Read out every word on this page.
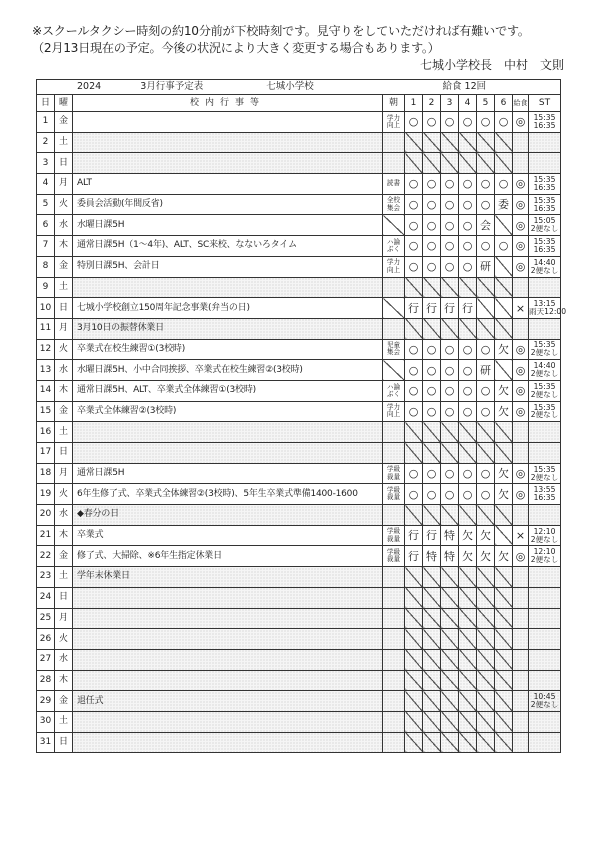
※スクールタクシー時刻の約10分前が下校時刻です。見守りをしていただければ有難いです。
（2月13日現在の予定。今後の状況により大きく変更する場合もあります。）
七城小学校長 中村　文則
2024 3月行事予定表 七城小学校			給食 12回								
日	曜	校内行事等	朝	1	2	3	4	5	6	給食	ST
1	金		学力
向上	○	○	○	○	○	○	◎	15:35
16:35
2	土										
3	日										
4	月	ALT	読書	○	○	○	○	○	○	◎	15:35
16:35
5	火	委員会活動(年間反省)	全校
集会	○	○	○	○	○	委	◎	15:35
16:35
6	水	水曜日課5H		○	○	○	○	会		◎	15:05
2便なし
7	木	通常日課5H（1～4年)、ALT、SC来校、なないろタイム	ハ論
ぶく	○	○	○	○	○	○	◎	15:35
16:35
8	金	特別日課5H、会計日	学力
向上	○	○	○	○	研		◎	14:40
2便なし
9	土										
10	日	七城小学校創立150周年記念事業(弁当の日)		行	行	行	行			×	13:15
雨天12:00
11	月	3月10日の振替休業日									
12	火	卒業式在校生練習①(3校時)	児童
集会	○	○	○	○	○	欠	◎	15:35
2便なし
13	水	水曜日課5H、小中合同挨拶、卒業式在校生練習②(3校時)		○	○	○	○	研		◎	14:40
2便なし
14	木	通常日課5H、ALT、卒業式全体練習①(3校時)	ハ論
ぶく	○	○	○	○	○	欠	◎	15:35
2便なし
15	金	卒業式全体練習②(3校時)	学力
向上	○	○	○	○	○	欠	◎	15:35
2便なし
16	土										
17	日										
18	月	通常日課5H	学級
裁量	○	○	○	○	○	欠	◎	15:35
2便なし
19	火	6年生修了式、卒業式全体練習②(3校時)、5年生卒業式準備1400-1600	学級
裁量	○	○	○	○	○	欠	◎	13:55
16:35
20	水	◆春分の日									
21	木	卒業式	学級
裁量	行	行	特	欠	欠		×	12:10
2便なし
22	金	修了式、大掃除、※6年生指定休業日	学級
裁量	行	特	特	欠	欠	欠	◎	12:10
2便なし
23	土	学年末休業日									
24	日										
25	月										
26	火										
27	水										
28	木										
29	金	退任式									10:45
2便なし
30	土										
31	日										
